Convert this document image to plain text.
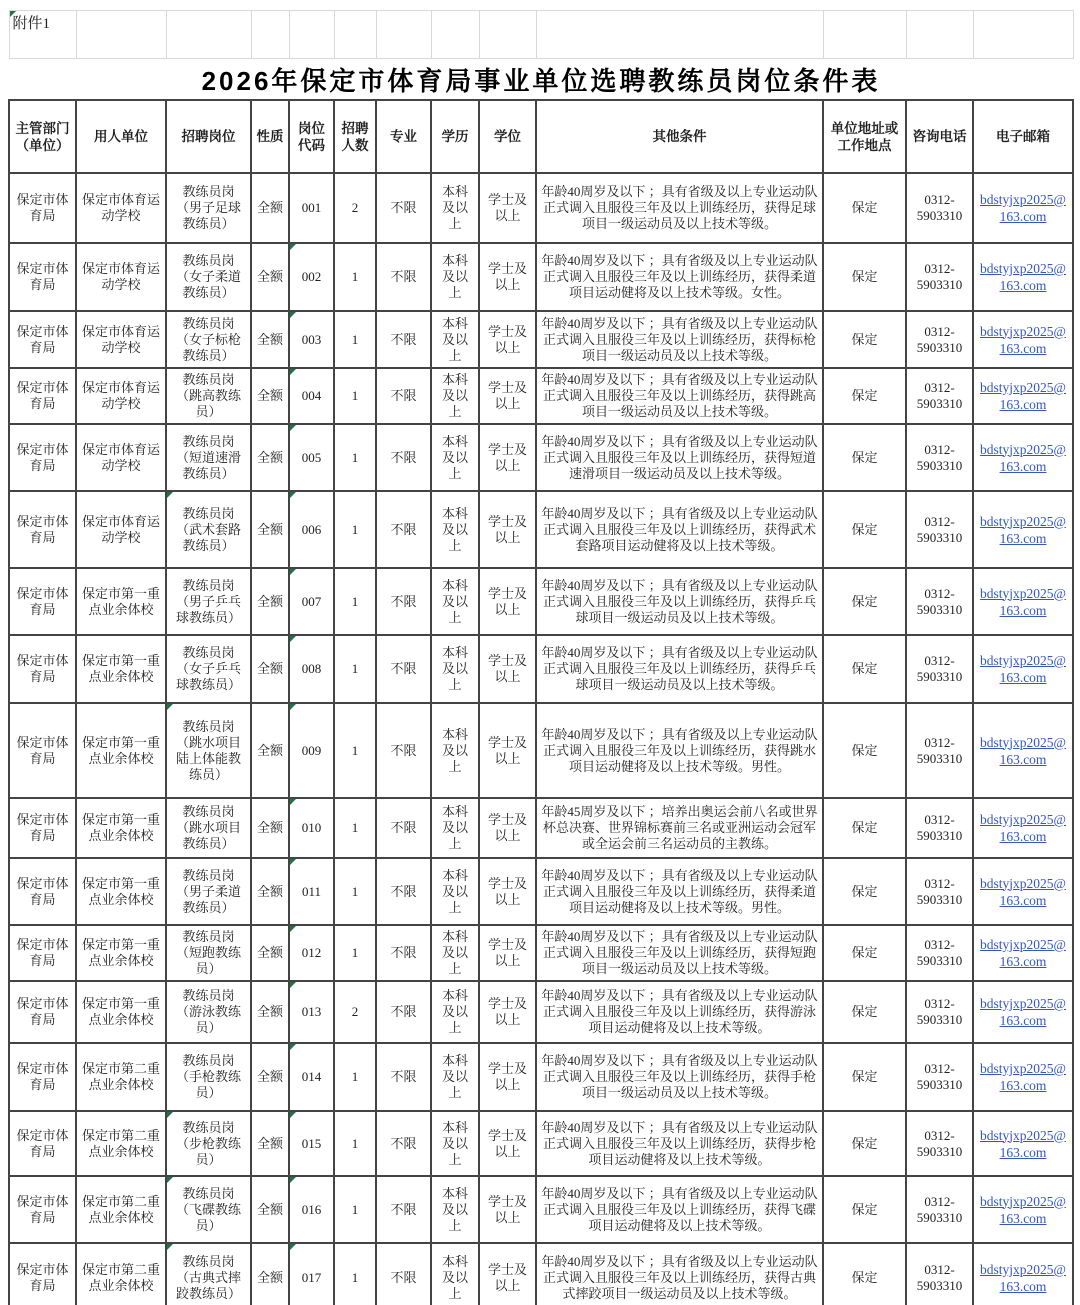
附件1												
2026年保定市体育局事业单位选聘教练员岗位条件表												
主管部门（单位）	用人单位	招聘岗位	性质	岗位代码	招聘人数	专业	学历	学位	其他条件	单位地址或工作地点	咨询电话	电子邮箱
保定市体育局	保定市体育运动学校	教练员岗（男子足球教练员）	全额	001	2	不限	本科及以上	学士及以上	年龄40周岁及以下 ；具有省级及以上专业运动队正式调入且服役三年及以上训练经历，获得足球项目一级运动员及以上技术等级。	保定	0312-5903310	bdstyjxp2025@163.com
保定市体育局	保定市体育运动学校	教练员岗（女子柔道教练员）	全额	002	1	不限	本科及以上	学士及以上	年龄40周岁及以下 ；具有省级及以上专业运动队正式调入且服役三年及以上训练经历，获得柔道项目运动健将及以上技术等级。女性。	保定	0312-5903310	bdstyjxp2025@163.com
保定市体育局	保定市体育运动学校	教练员岗（女子标枪教练员）	全额	003	1	不限	本科及以上	学士及以上	年龄40周岁及以下 ；具有省级及以上专业运动队正式调入且服役三年及以上训练经历，获得标枪项目一级运动员及以上技术等级。	保定	0312-5903310	bdstyjxp2025@163.com
保定市体育局	保定市体育运动学校	教练员岗（跳高教练员）	全额	004	1	不限	本科及以上	学士及以上	年龄40周岁及以下 ；具有省级及以上专业运动队正式调入且服役三年及以上训练经历，获得跳高项目一级运动员及以上技术等级。	保定	0312-5903310	bdstyjxp2025@163.com
保定市体育局	保定市体育运动学校	教练员岗（短道速滑教练员）	全额	005	1	不限	本科及以上	学士及以上	年龄40周岁及以下 ；具有省级及以上专业运动队正式调入且服役三年及以上训练经历，获得短道速滑项目一级运动员及以上技术等级。	保定	0312-5903310	bdstyjxp2025@163.com
保定市体育局	保定市体育运动学校	教练员岗（武术套路教练员）	全额	006	1	不限	本科及以上	学士及以上	年龄40周岁及以下 ；具有省级及以上专业运动队正式调入且服役三年及以上训练经历，获得武术套路项目运动健将及以上技术等级。	保定	0312-5903310	bdstyjxp2025@163.com
保定市体育局	保定市第一重点业余体校	教练员岗（男子乒乓球教练员）	全额	007	1	不限	本科及以上	学士及以上	年龄40周岁及以下 ；具有省级及以上专业运动队正式调入且服役三年及以上训练经历，获得乒乓球项目一级运动员及以上技术等级。	保定	0312-5903310	bdstyjxp2025@163.com
保定市体育局	保定市第一重点业余体校	教练员岗（女子乒乓球教练员）	全额	008	1	不限	本科及以上	学士及以上	年龄40周岁及以下 ；具有省级及以上专业运动队正式调入且服役三年及以上训练经历，获得乒乓球项目一级运动员及以上技术等级。	保定	0312-5903310	bdstyjxp2025@163.com
保定市体育局	保定市第一重点业余体校	教练员岗（跳水项目陆上体能教练员）	全额	009	1	不限	本科及以上	学士及以上	年龄40周岁及以下 ；具有省级及以上专业运动队正式调入且服役三年及以上训练经历，获得跳水项目运动健将及以上技术等级。男性。	保定	0312-5903310	bdstyjxp2025@163.com
保定市体育局	保定市第一重点业余体校	教练员岗（跳水项目教练员）	全额	010	1	不限	本科及以上	学士及以上	年龄45周岁及以下 ；培养出奥运会前八名或世界杯总决赛、世界锦标赛前三名或亚洲运动会冠军或全运会前三名运动员的主教练。	保定	0312-5903310	bdstyjxp2025@163.com
保定市体育局	保定市第一重点业余体校	教练员岗（男子柔道教练员）	全额	011	1	不限	本科及以上	学士及以上	年龄40周岁及以下 ；具有省级及以上专业运动队正式调入且服役三年及以上训练经历，获得柔道项目运动健将及以上技术等级。男性。	保定	0312-5903310	bdstyjxp2025@163.com
保定市体育局	保定市第一重点业余体校	教练员岗（短跑教练员）	全额	012	1	不限	本科及以上	学士及以上	年龄40周岁及以下 ；具有省级及以上专业运动队正式调入且服役三年及以上训练经历，获得短跑项目一级运动员及以上技术等级。	保定	0312-5903310	bdstyjxp2025@163.com
保定市体育局	保定市第一重点业余体校	教练员岗（游泳教练员）	全额	013	2	不限	本科及以上	学士及以上	年龄40周岁及以下 ；具有省级及以上专业运动队正式调入且服役三年及以上训练经历，获得游泳项目运动健将及以上技术等级。	保定	0312-5903310	bdstyjxp2025@163.com
保定市体育局	保定市第二重点业余体校	教练员岗（手枪教练员）	全额	014	1	不限	本科及以上	学士及以上	年龄40周岁及以下 ；具有省级及以上专业运动队正式调入且服役三年及以上训练经历，获得手枪项目一级运动员及以上技术等级。	保定	0312-5903310	bdstyjxp2025@163.com
保定市体育局	保定市第二重点业余体校	教练员岗（步枪教练员）	全额	015	1	不限	本科及以上	学士及以上	年龄40周岁及以下 ；具有省级及以上专业运动队正式调入且服役三年及以上训练经历，获得步枪项目运动健将及以上技术等级。	保定	0312-5903310	bdstyjxp2025@163.com
保定市体育局	保定市第二重点业余体校	教练员岗（飞碟教练员）	全额	016	1	不限	本科及以上	学士及以上	年龄40周岁及以下 ；具有省级及以上专业运动队正式调入且服役三年及以上训练经历，获得飞碟项目运动健将及以上技术等级。	保定	0312-5903310	bdstyjxp2025@163.com
保定市体育局	保定市第二重点业余体校	教练员岗（古典式摔跤教练员）	全额	017	1	不限	本科及以上	学士及以上	年龄40周岁及以下 ；具有省级及以上专业运动队正式调入且服役三年及以上训练经历，获得古典式摔跤项目一级运动员及以上技术等级。	保定	0312-5903310	bdstyjxp2025@163.com
